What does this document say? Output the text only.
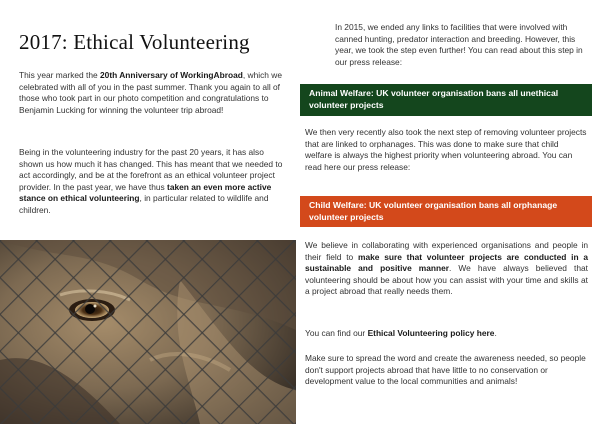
2017: Ethical Volunteering

This year marked the 20th Anniversary of WorkingAbroad, which we celebrated with all of you in the past summer. Thank you again to all of those who took part in our photo competition and congratulations to Benjamin Lucking for winning the volunteer trip abroad!

Being in the volunteering industry for the past 20 years, it has also shown us how much it has changed. This has meant that we needed to act accordingly, and be at the forefront as an ethical volunteer project provider. In the past year, we have thus taken an even more active stance on ethical volunteering, in particular related to wildlife and children.

In 2015, we ended any links to facilities that were involved with canned hunting, predator interaction and breeding. However, this year, we took the step even further! You can read about this step in our press release:

Animal Welfare: UK volunteer organisation bans all unethical volunteer projects

We then very recently also took the next step of removing volunteer projects that are linked to orphanages. This was done to make sure that child welfare is always the highest priority when volunteering abroad. You can read here our press release:

Child Welfare: UK volunteer organisation bans all orphanage volunteer projects

We believe in collaborating with experienced organisations and people in their field to make sure that volunteer projects are conducted in a sustainable and positive manner. We have always believed that volunteering should be about how you can assist with your time and skills at a project abroad that really needs them.

You can find our Ethical Volunteering policy here.

Make sure to spread the word and create the awareness needed, so people don't support projects abroad that have little to no conservation or development value to the local communities and animals!
